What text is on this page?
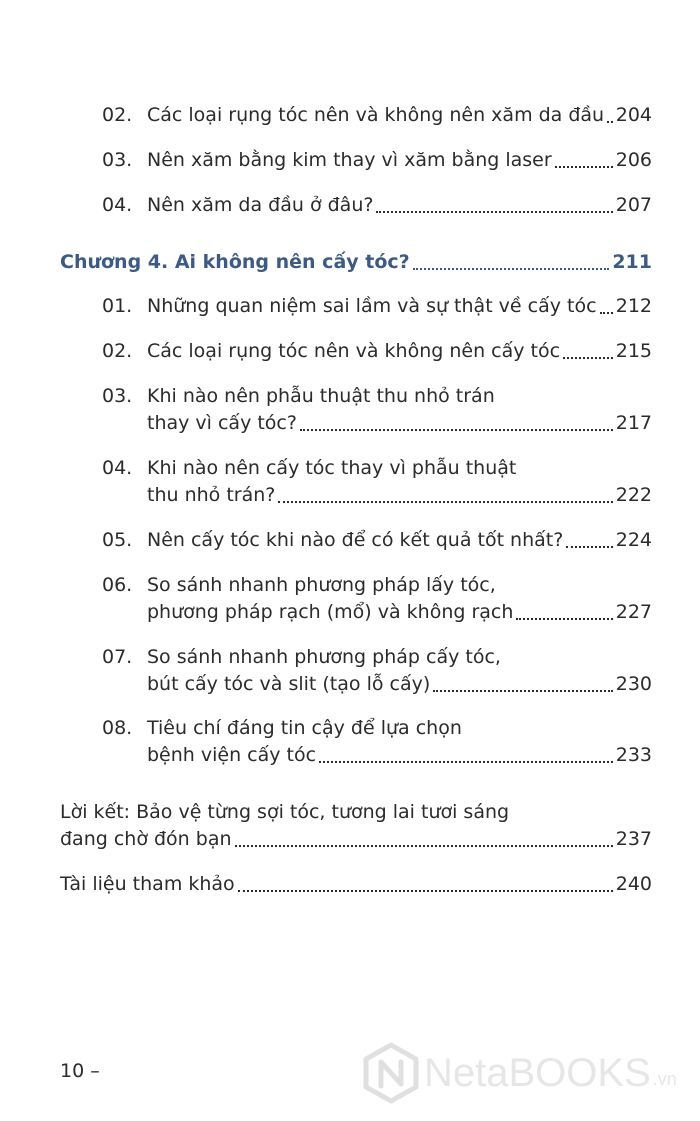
02. Các loại rụng tóc nên và không nên xăm da đầu 204
03. Nên xăm bằng kim thay vì xăm bằng laser	206
04. Nên xăm da đầu ở đâu?	207
Chương 4. Ai không nên cấy tóc?	211
01. Những quan niệm sai lầm và sự thật về cấy tóc 212
02. Các loại rụng tóc nên và không nên cấy tóc	215
03. Khi nào nên phẫu thuật thu nhỏ trán
thay vì cấy tóc?	217
04. Khi nào nên cấy tóc thay vì phẫu thuật
thu nhỏ trán?	222
05. Nên cấy tóc khi nào để có kết quả tốt nhất?	224
06. So sánh nhanh phương pháp lấy tóc,
phương pháp rạch (mổ) và không rạch	227
07. So sánh nhanh phương pháp cấy tóc,
bút cấy tóc và slit (tạo lỗ cấy)	230
08. Tiêu chí đáng tin cậy để lựa chọn
bệnh viện cấy tóc	233
Lời kết: Bảo vệ từng sợi tóc, tương lai tươi sáng
đang chờ đón bạn	237
Tài liệu tham khảo	240
10 –	NetaBOOKS .vn
